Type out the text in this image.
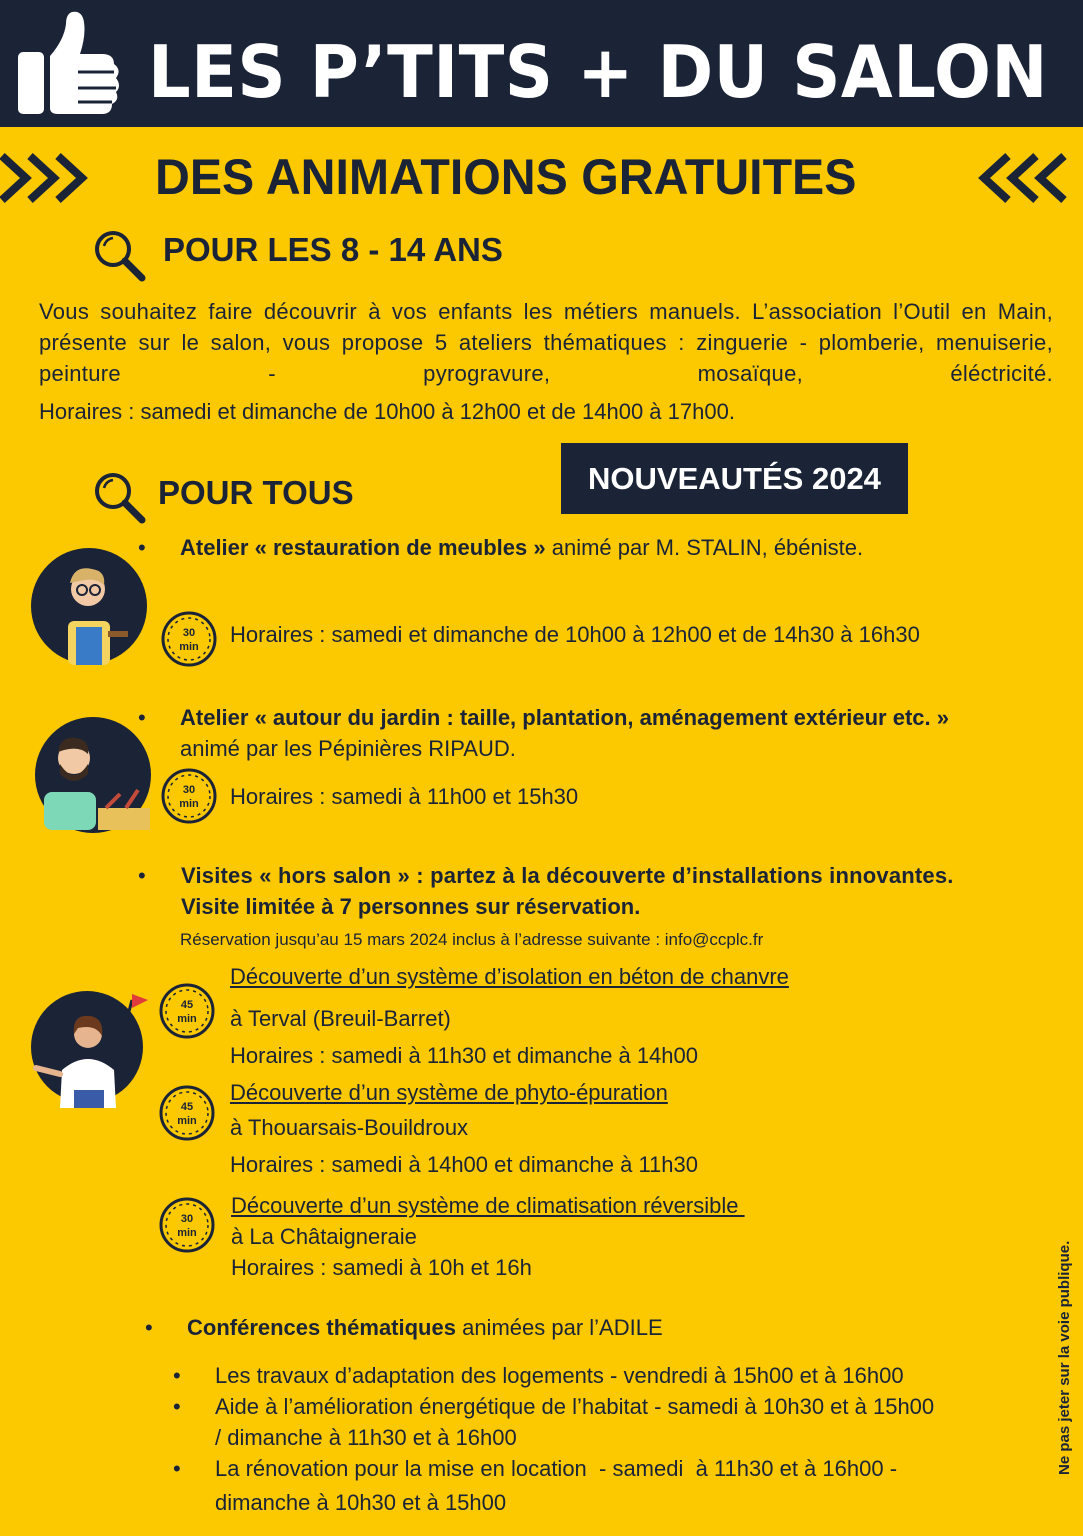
LES P’TITS + DU SALON
DES ANIMATIONS GRATUITES
POUR LES 8 - 14 ANS
Vous souhaitez faire découvrir à vos enfants les métiers manuels. L’association l’Outil en Main, présente sur le salon, vous propose 5 ateliers thématiques : zinguerie - plomberie, menuiserie, peinture - pyrogravure, mosaïque, éléctricité.
Horaires : samedi et dimanche de 10h00 à 12h00 et de 14h00 à 17h00.
POUR TOUS	NOUVEAUTÉS 2024
• Atelier « restauration de meubles » animé par M. STALIN, ébéniste.
30
min	Horaires : samedi et dimanche de 10h00 à 12h00 et de 14h30 à 16h30
• Atelier « autour du jardin : taille, plantation, aménagement extérieur etc. »
animé par les Pépinières RIPAUD.
30
min	Horaires : samedi à 11h00 et 15h30
• Visites « hors salon » : partez à la découverte d’installations innovantes.
Visite limitée à 7 personnes sur réservation.
Réservation jusqu’au 15 mars 2024 inclus à l’adresse suivante : info@ccplc.fr
45
min
Découverte d’un système d’isolation en béton de chanvre
à Terval (Breuil-Barret)
Horaires : samedi à 11h30 et dimanche à 14h00
45
min
Découverte d’un système de phyto-épuration
à Thouarsais-Bouildroux
Horaires : samedi à 14h00 et dimanche à 11h30
30
min
Découverte d’un système de climatisation réversible
à La Châtaigneraie
Horaires : samedi à 10h et 16h
• Conférences thématiques animées par l’ADILE
• Les travaux d’adaptation des logements - vendredi à 15h00 et à 16h00
• Aide à l’amélioration énergétique de l’habitat - samedi à 10h30 et à 15h00
/ dimanche à 11h30 et à 16h00
• La rénovation pour la mise en location  - samedi  à 11h30 et à 16h00 -
dimanche à 10h30 et à 15h00
Ne pas jeter sur la voie publique.
